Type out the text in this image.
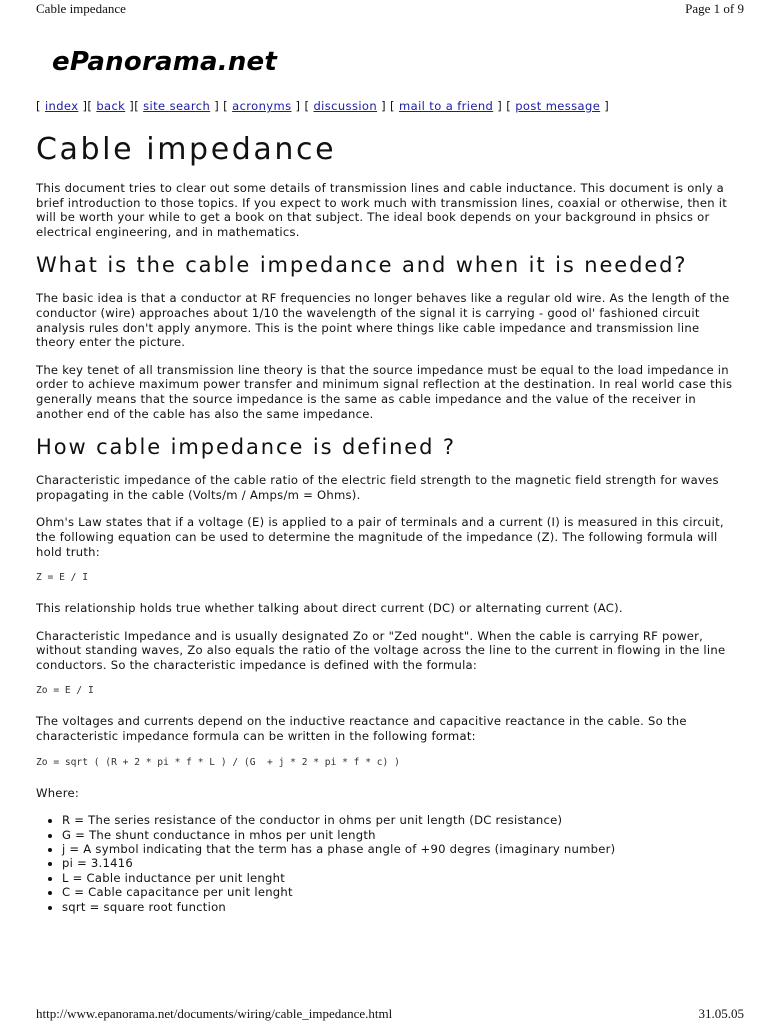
Cable impedance	Page 1 of 9
ePanorama.net
[ index ][ back ][ site search ] [ acronyms ] [ discussion ] [ mail to a friend ] [ post message ]
Cable impedance

This document tries to clear out some details of transmission lines and cable inductance. This document is only a brief introduction to those topics. If you expect to work much with transmission lines, coaxial or otherwise, then it will be worth your while to get a book on that subject. The ideal book depends on your background in phsics or electrical engineering, and in mathematics.

What is the cable impedance and when it is needed?

The basic idea is that a conductor at RF frequencies no longer behaves like a regular old wire. As the length of the conductor (wire) approaches about 1/10 the wavelength of the signal it is carrying - good ol' fashioned circuit analysis rules don't apply anymore. This is the point where things like cable impedance and transmission line theory enter the picture.

The key tenet of all transmission line theory is that the source impedance must be equal to the load impedance in order to achieve maximum power transfer and minimum signal reflection at the destination. In real world case this generally means that the source impedance is the same as cable impedance and the value of the receiver in another end of the cable has also the same impedance.

How cable impedance is defined ?

Characteristic impedance of the cable ratio of the electric field strength to the magnetic field strength for waves propagating in the cable (Volts/m / Amps/m = Ohms).

Ohm's Law states that if a voltage (E) is applied to a pair of terminals and a current (I) is measured in this circuit, the following equation can be used to determine the magnitude of the impedance (Z). The following formula will hold truth:

Z = E / I

This relationship holds true whether talking about direct current (DC) or alternating current (AC).

Characteristic Impedance and is usually designated Zo or "Zed nought". When the cable is carrying RF power, without standing waves, Zo also equals the ratio of the voltage across the line to the current in flowing in the line conductors. So the characteristic impedance is defined with the formula:

Zo = E / I

The voltages and currents depend on the inductive reactance and capacitive reactance in the cable. So the characteristic impedance formula can be written in the following format:

Zo = sqrt ( (R + 2 * pi * f * L ) / (G  + j * 2 * pi * f * c) )

Where:

• R = The series resistance of the conductor in ohms per unit length (DC resistance)
• G = The shunt conductance in mhos per unit length
• j = A symbol indicating that the term has a phase angle of +90 degres (imaginary number)
• pi = 3.1416
• L = Cable inductance per unit lenght
• C = Cable capacitance per unit lenght
• sqrt = square root function
http://www.epanorama.net/documents/wiring/cable_impedance.html	31.05.05
